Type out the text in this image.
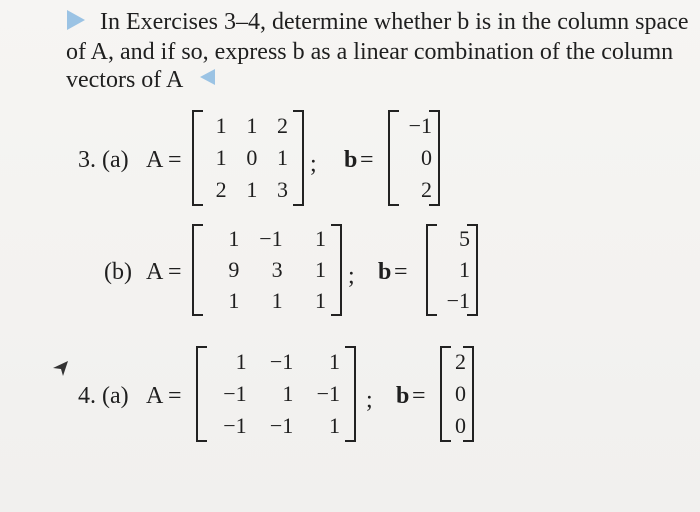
In Exercises 3–4, determine whether b is in the column space
of A, and if so, express b as a linear combination of the column
vectors of A
3. (a) A =
1 1 2
1 0 1
2 1 3
; b =
−1
0
2
(b) A =
1 −1	1
9	3	1
1	1	1
; b =
5
1
−1
4. (a) A =
1	−1	1
−1	1	−1
−1	−1	1
; b =
2
0
0
